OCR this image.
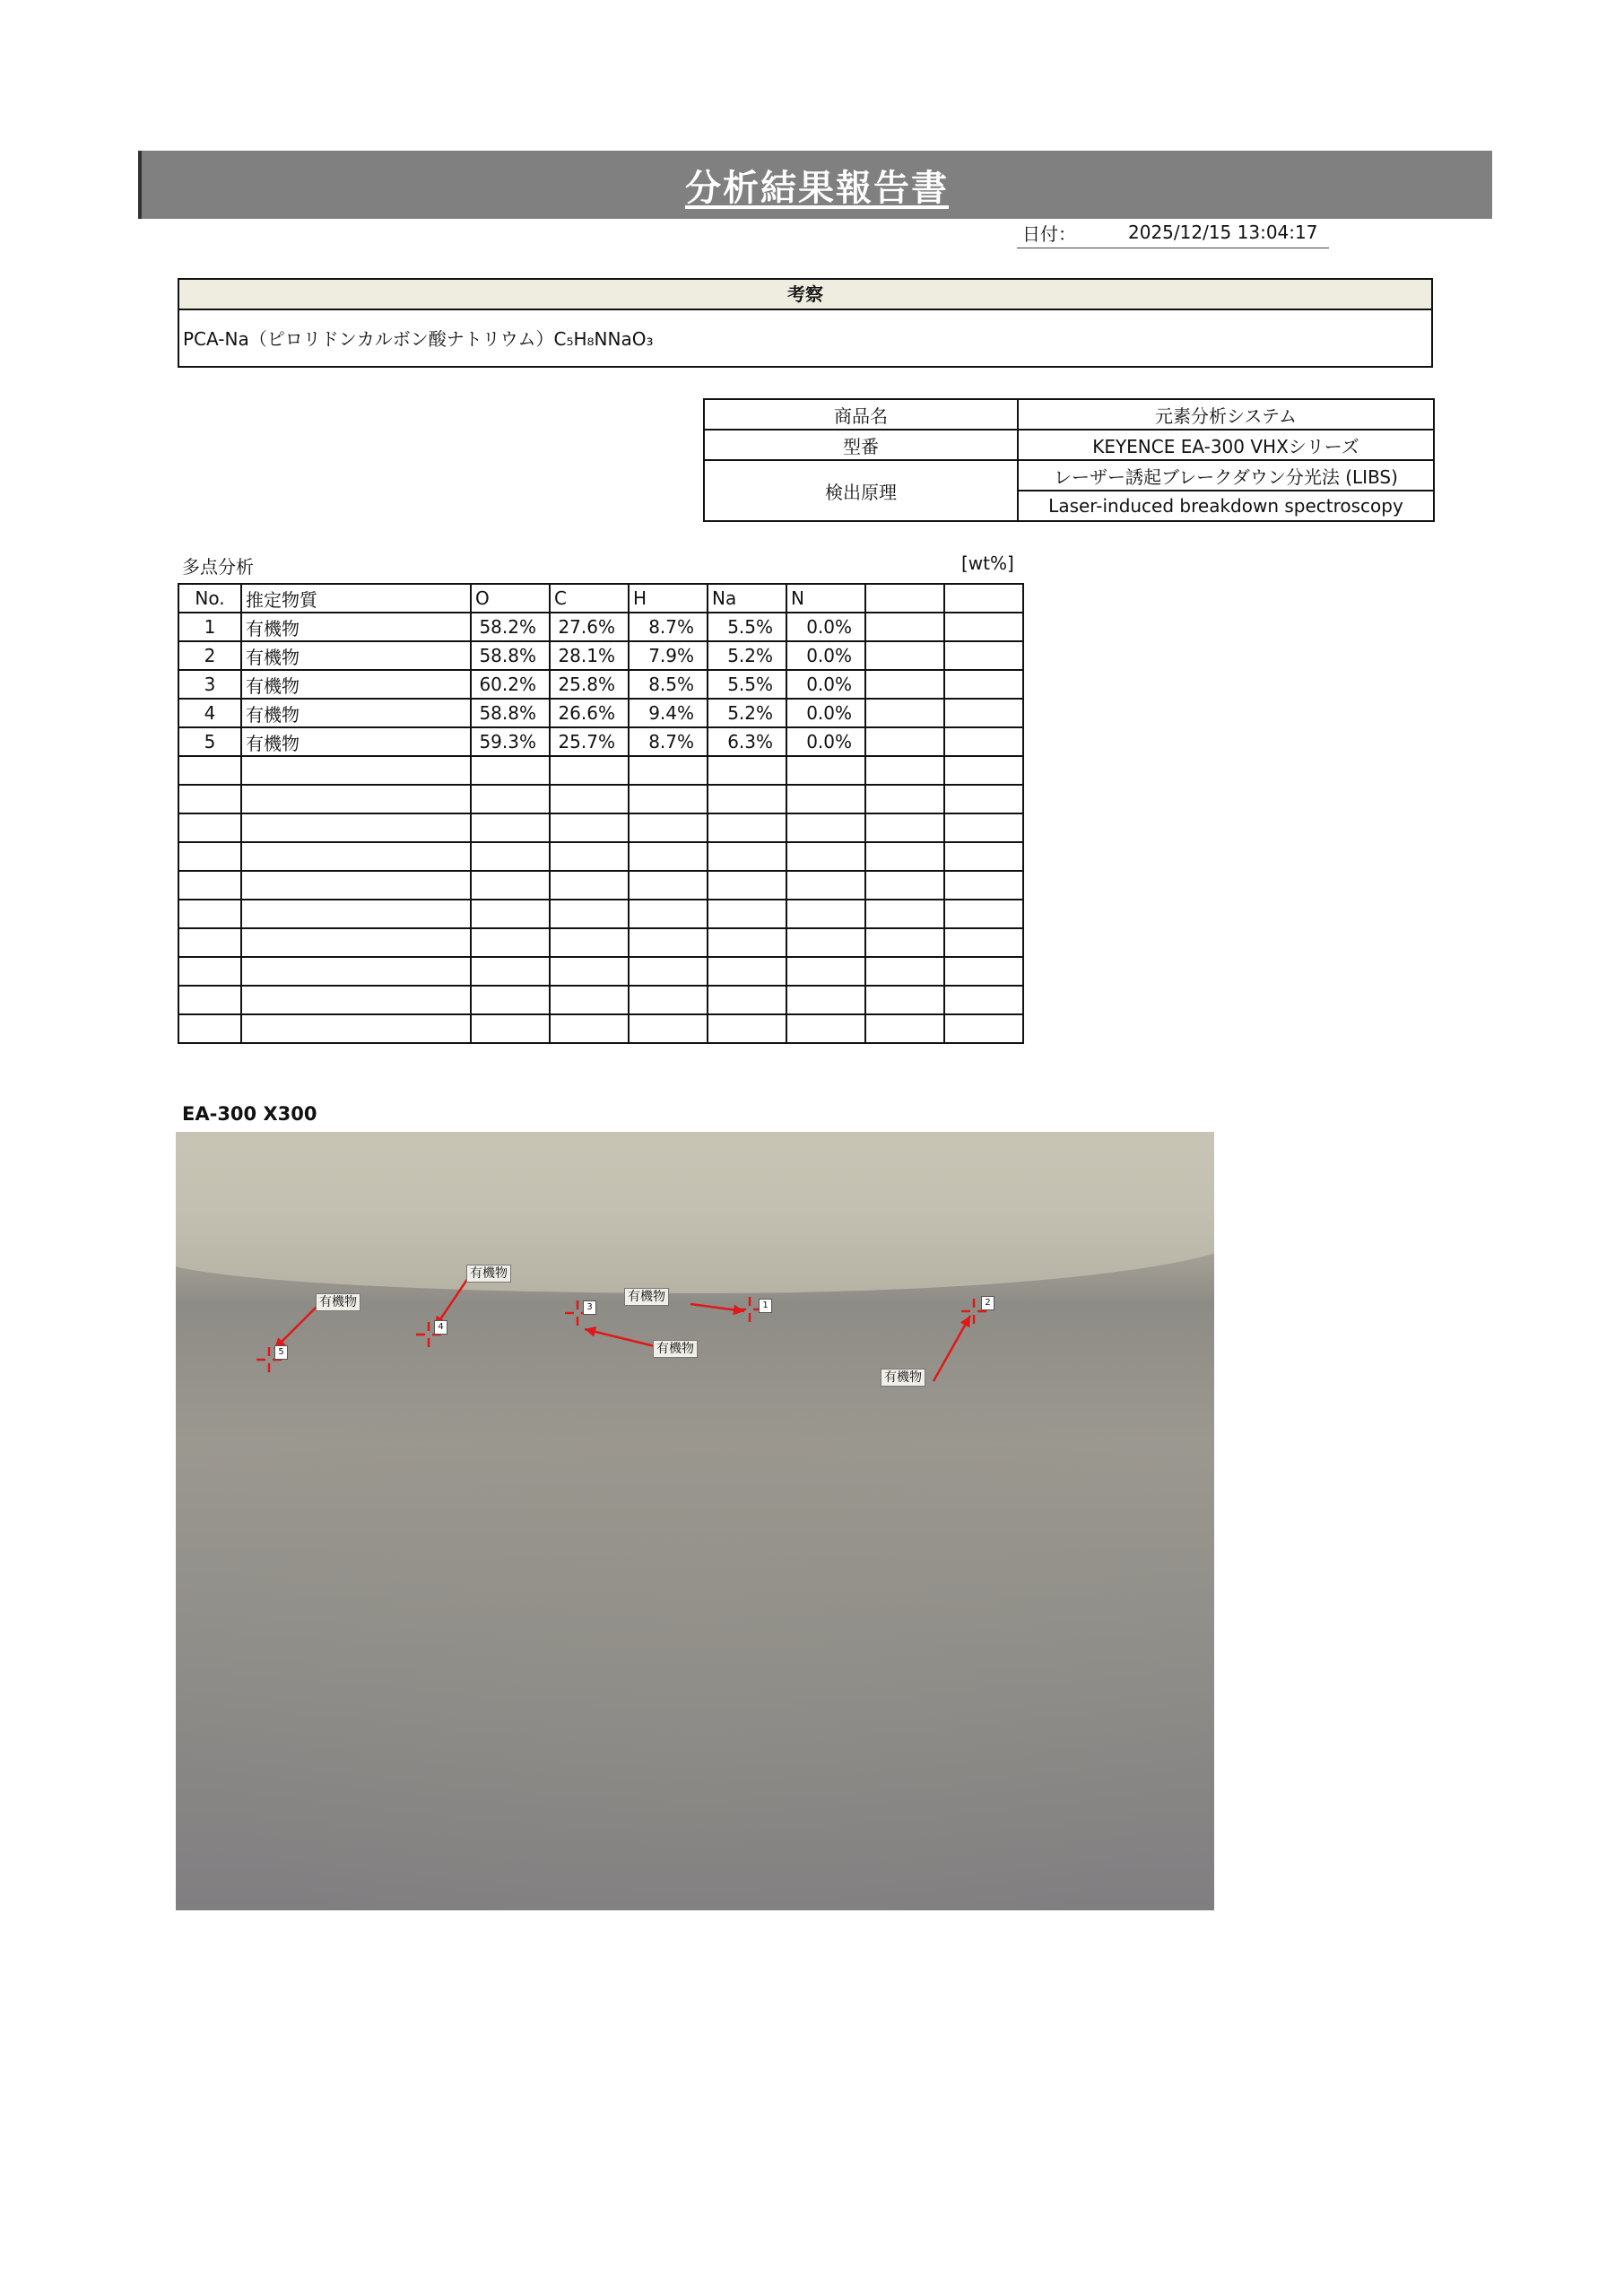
分析結果報告書
日付：	2025/12/15 13:04:17
考察
PCA-Na（ピロリドンカルボン酸ナトリウム）C₅H₈NNaO₃
商品名	元素分析システム
型番	KEYENCE EA-300 VHXシリーズ
検出原理	レーザー誘起ブレークダウン分光法 (LIBS)
	Laser-induced breakdown spectroscopy
多点分析	[wt%]
No.	推定物質	O	C	H	Na	N		
1	有機物	58.2%	27.6%	8.7%	5.5%	0.0%		
2	有機物	58.8%	28.1%	7.9%	5.2%	0.0%		
3	有機物	60.2%	25.8%	8.5%	5.5%	0.0%		
4	有機物	58.8%	26.6%	9.4%	5.2%	0.0%		
5	有機物	59.3%	25.7%	8.7%	6.3%	0.0%		

EA-300 X300
1
有機物	2
有機物
3
有機物
4
有機物
5
有機物
